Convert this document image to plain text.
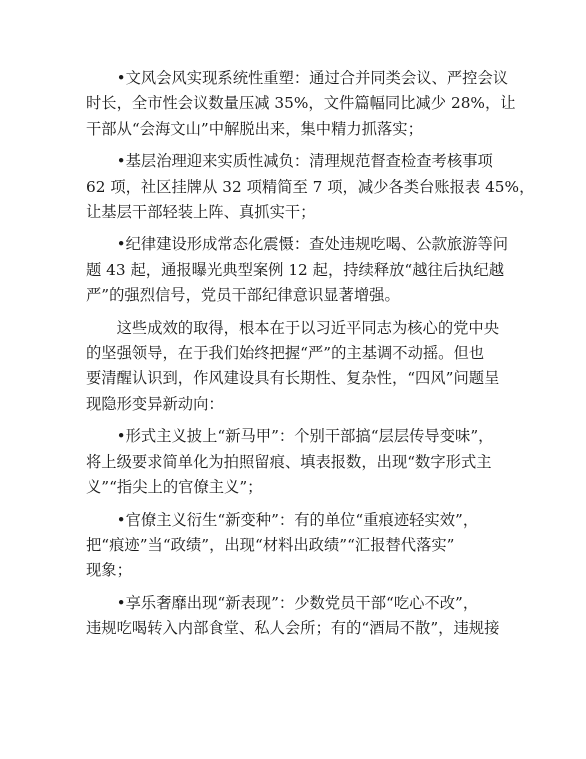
•文风会风实现系统性重塑：通过合并同类会议、严控会议
时长，全市性会议数量压减 35%，文件篇幅同比减少 28%，让
干部从“会海文山”中解脱出来，集中精力抓落实；
•基层治理迎来实质性减负：清理规范督查检查考核事项
62 项，社区挂牌从 32 项精简至 7 项，减少各类台账报表 45%，
让基层干部轻装上阵、真抓实干；
•纪律建设形成常态化震慑：查处违规吃喝、公款旅游等问
题 43 起，通报曝光典型案例 12 起，持续释放“越往后执纪越
严”的强烈信号，党员干部纪律意识显著增强。
这些成效的取得，根本在于以习近平同志为核心的党中央
的坚强领导，在于我们始终把握“严”的主基调不动摇。但也
要清醒认识到，作风建设具有长期性、复杂性，“四风”问题呈
现隐形变异新动向：
•形式主义披上“新马甲”：个别干部搞“层层传导变味”，
将上级要求简单化为拍照留痕、填表报数，出现“数字形式主
义”“指尖上的官僚主义”；
•官僚主义衍生“新变种”：有的单位“重痕迹轻实效”，
把“痕迹”当“政绩”，出现“材料出政绩”“汇报替代落实”
现象；
•享乐奢靡出现“新表现”：少数党员干部“吃心不改”，
违规吃喝转入内部食堂、私人会所；有的“酒局不散”，违规接
